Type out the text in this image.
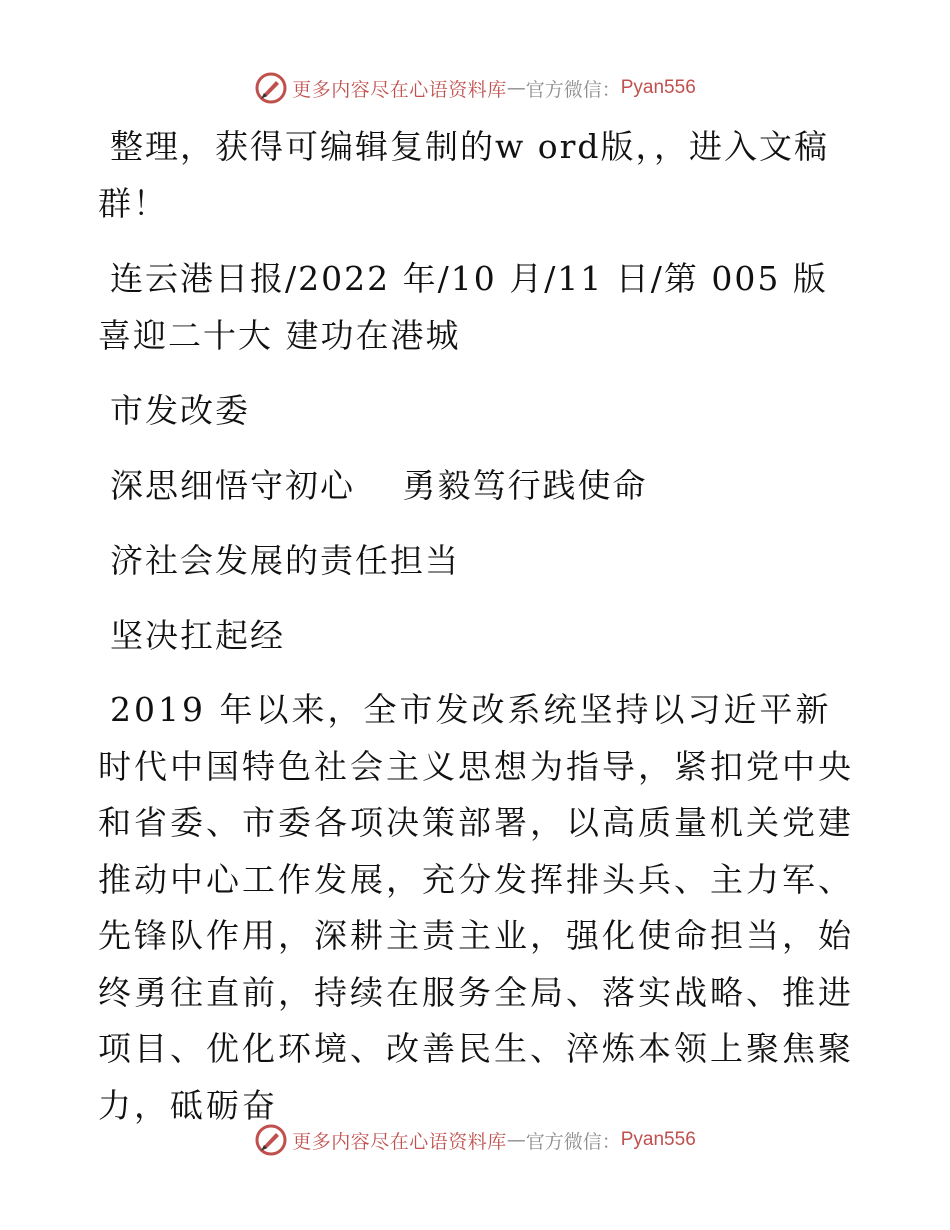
更多内容尽在心语资料库 — 官方微信： Pyan556

整理，获得可编辑复制的w ord版，，进入文稿群！

连云港日报/2022 年/10 月/11 日/第 005 版喜迎二十大 建功在港城

市发改委

深思细悟守初心　 勇毅笃行践使命

济社会发展的责任担当

坚决扛起经

2019 年以来，全市发改系统坚持以习近平新时代中国特色社会主义思想为指导，紧扣党中央和省委、市委各项决策部署，以高质量机关党建推动中心工作发展，充分发挥排头兵、主力军、先锋队作用，深耕主责主业，强化使命担当，始终勇往直前，持续在服务全局、落实战略、推进项目、优化环境、改善民生、淬炼本领上聚焦聚力，砥砺奋

更多内容尽在心语资料库 — 官方微信： Pyan556
